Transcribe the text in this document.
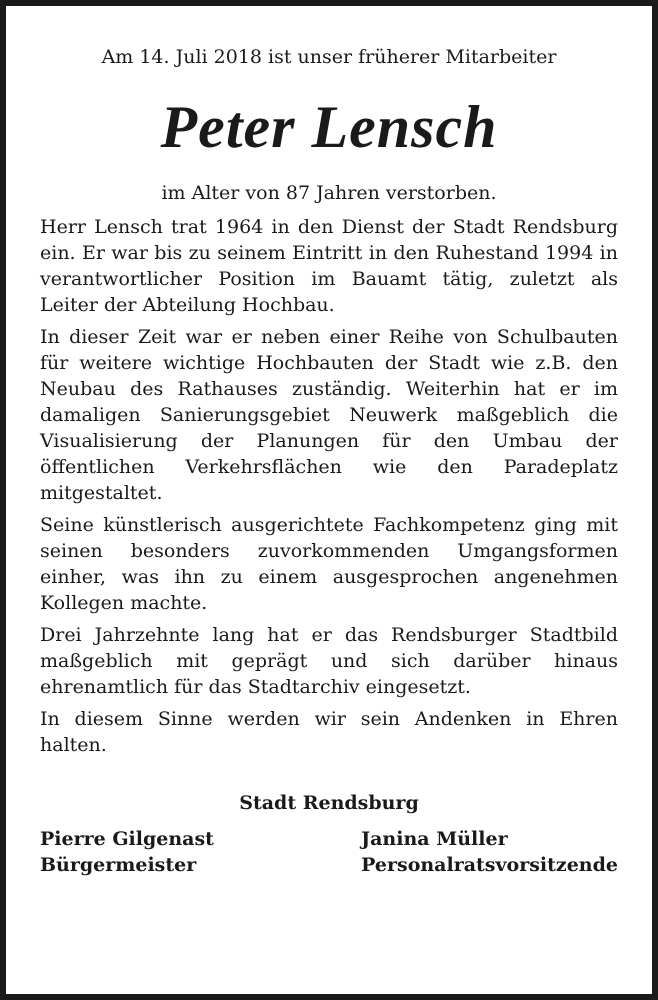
Am 14. Juli 2018 ist unser früherer Mitarbeiter

Peter Lensch

im Alter von 87 Jahren verstorben.

Herr Lensch trat 1964 in den Dienst der Stadt Rendsburg ein. Er war bis zu seinem Eintritt in den Ruhestand 1994 in verantwortlicher Position im Bauamt tätig, zuletzt als Leiter der Abteilung Hochbau.

In dieser Zeit war er neben einer Reihe von Schulbauten für weitere wichtige Hochbauten der Stadt wie z.B. den Neubau des Rathauses zuständig. Weiterhin hat er im damaligen Sanierungsgebiet Neuwerk maßgeblich die Visualisierung der Planungen für den Umbau der öffentlichen Verkehrsflächen wie den Paradeplatz mitgestaltet.

Seine künstlerisch ausgerichtete Fachkompetenz ging mit seinen besonders zuvorkommenden Umgangsformen einher, was ihn zu einem ausgesprochen angenehmen Kollegen machte.

Drei Jahrzehnte lang hat er das Rendsburger Stadtbild maßgeblich mit geprägt und sich darüber hinaus ehrenamtlich für das Stadtarchiv eingesetzt.

In diesem Sinne werden wir sein Andenken in Ehren halten.

Stadt Rendsburg
Pierre Gilgenast
Bürgermeister
Janina Müller
Personalratsvorsitzende
